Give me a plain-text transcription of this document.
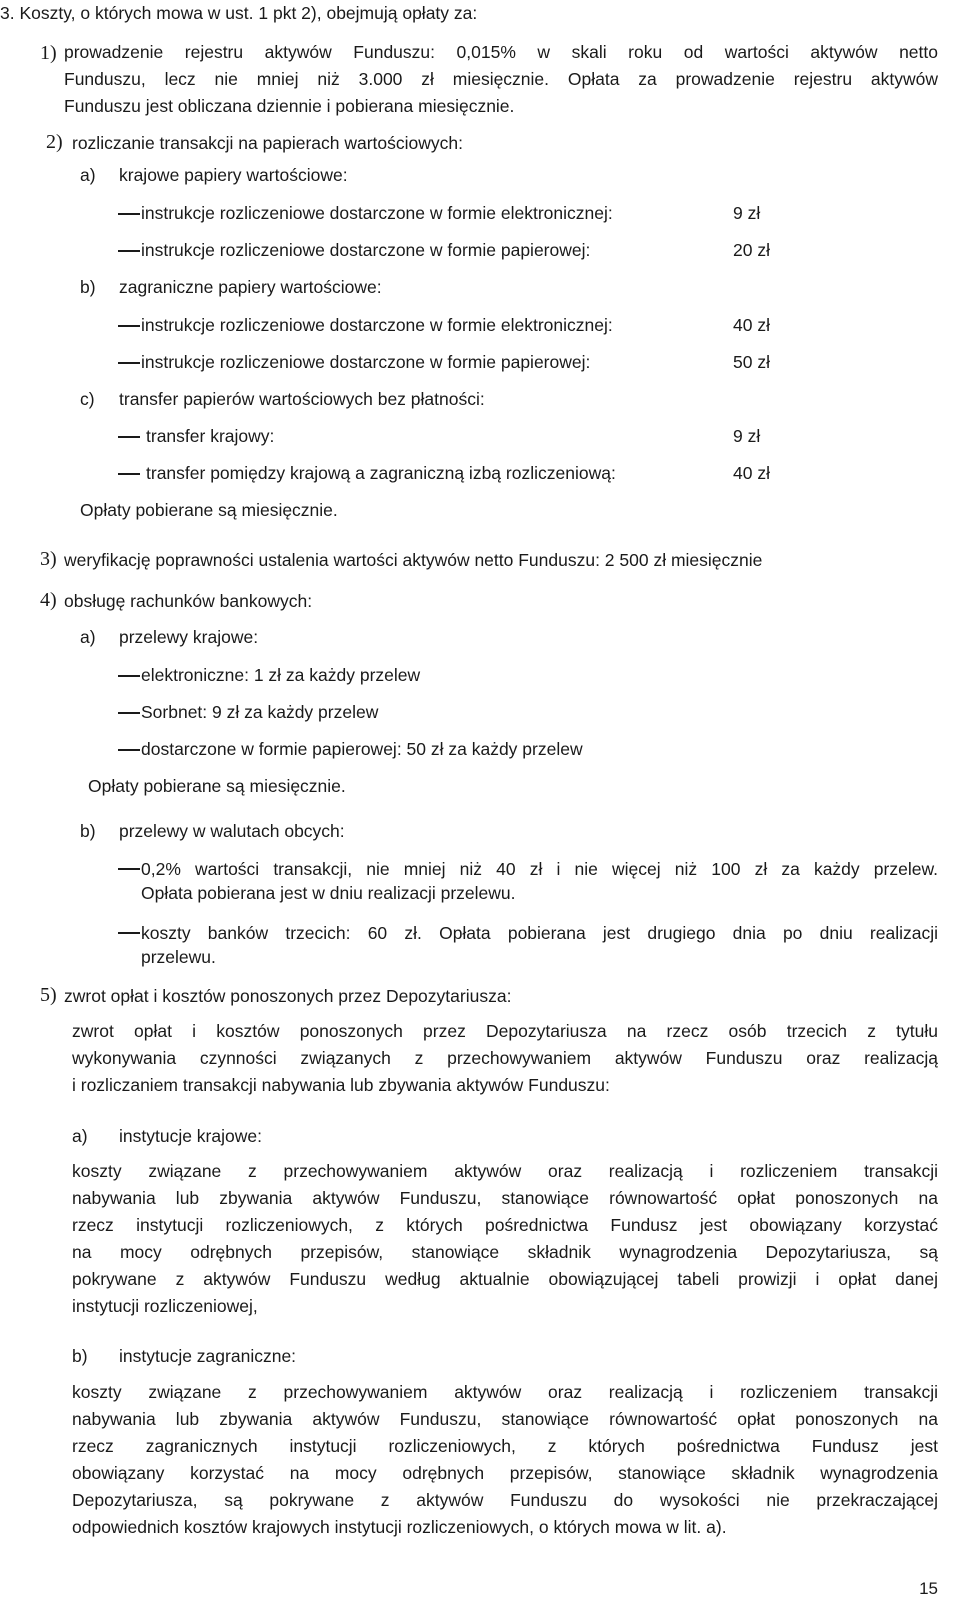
3. Koszty, o których mowa w ust. 1 pkt 2), obejmują opłaty za:
1) prowadzenie rejestru aktywów Funduszu: 0,015% w skali roku od wartości aktywów netto
Funduszu, lecz nie mniej niż 3.000 zł miesięcznie. Opłata za prowadzenie rejestru aktywów
Funduszu jest obliczana dziennie i pobierana miesięcznie.
2) rozliczanie transakcji na papierach wartościowych:
a) krajowe papiery wartościowe:
instrukcje rozliczeniowe dostarczone w formie elektronicznej:	9 zł
instrukcje rozliczeniowe dostarczone w formie papierowej:	20 zł
b) zagraniczne papiery wartościowe:
instrukcje rozliczeniowe dostarczone w formie elektronicznej:	40 zł
instrukcje rozliczeniowe dostarczone w formie papierowej:	50 zł
c) transfer papierów wartościowych bez płatności:
transfer krajowy:	9 zł
transfer pomiędzy krajową a zagraniczną izbą rozliczeniową:	40 zł
Opłaty pobierane są miesięcznie.
3) weryfikację poprawności ustalenia wartości aktywów netto Funduszu: 2 500 zł miesięcznie
4) obsługę rachunków bankowych:
a) przelewy krajowe:
elektroniczne: 1 zł za każdy przelew
Sorbnet: 9 zł za każdy przelew
dostarczone w formie papierowej: 50 zł za każdy przelew
Opłaty pobierane są miesięcznie.
b) przelewy w walutach obcych:
0,2% wartości transakcji, nie mniej niż 40 zł i nie więcej niż 100 zł za każdy przelew.
Opłata pobierana jest w dniu realizacji przelewu.
koszty banków trzecich: 60 zł. Opłata pobierana jest drugiego dnia po dniu realizacji
przelewu.
5) zwrot opłat i kosztów ponoszonych przez Depozytariusza:
zwrot opłat i kosztów ponoszonych przez Depozytariusza na rzecz osób trzecich z tytułu
wykonywania czynności związanych z przechowywaniem aktywów Funduszu oraz realizacją
i rozliczaniem transakcji nabywania lub zbywania aktywów Funduszu:
a) instytucje krajowe:
koszty związane z przechowywaniem aktywów oraz realizacją i rozliczeniem transakcji
nabywania lub zbywania aktywów Funduszu, stanowiące równowartość opłat ponoszonych na
rzecz instytucji rozliczeniowych, z których pośrednictwa Fundusz jest obowiązany korzystać
na mocy odrębnych przepisów, stanowiące składnik wynagrodzenia Depozytariusza, są
pokrywane z aktywów Funduszu według aktualnie obowiązującej tabeli prowizji i opłat danej
instytucji rozliczeniowej,
b) instytucje zagraniczne:
koszty związane z przechowywaniem aktywów oraz realizacją i rozliczeniem transakcji
nabywania lub zbywania aktywów Funduszu, stanowiące równowartość opłat ponoszonych na
rzecz zagranicznych instytucji rozliczeniowych, z których pośrednictwa Fundusz jest
obowiązany korzystać na mocy odrębnych przepisów, stanowiące składnik wynagrodzenia
Depozytariusza, są pokrywane z aktywów Funduszu do wysokości nie przekraczającej
odpowiednich kosztów krajowych instytucji rozliczeniowych, o których mowa w lit. a).
15
